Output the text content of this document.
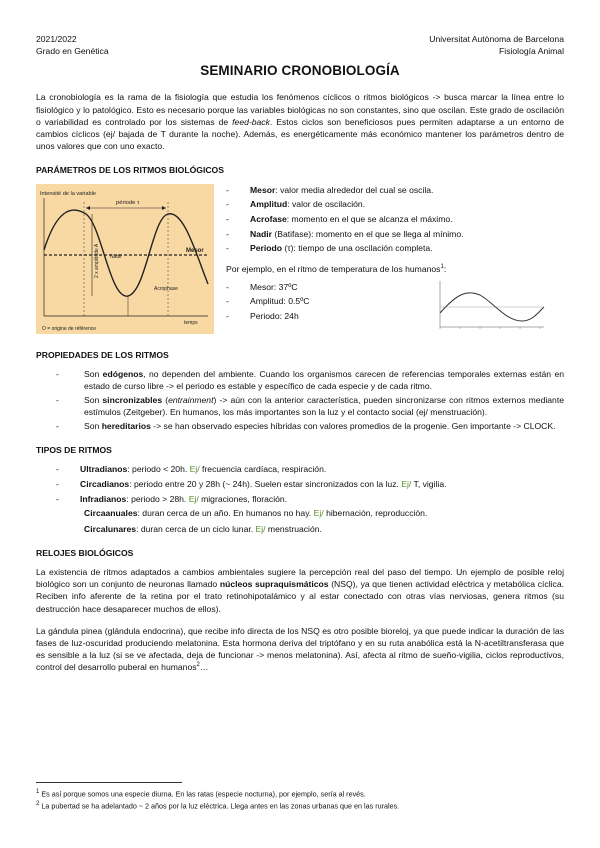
2021/2022
Grado en Genética
Universitat Autònoma de Barcelona
Fisiología Animal
SEMINARIO CRONOBIOLOGÍA

La cronobiología es la rama de la fisiología que estudia los fenómenos cíclicos o ritmos biológicos -> busca marcar la línea entre lo fisiológico y lo patológico. Esto es necesario porque las variables biológicas no son constantes, sino que oscilan. Este grado de oscilación o variabilidad es controlado por los sistemas de feed-back. Estos ciclos son beneficiosos pues permiten adaptarse a un entorno de cambios cíclicos (ej/ bajada de T durante la noche). Además, es energéticamente más económico mantener los parámetros dentro de unos valores que con uno exacto.

PARÁMETROS DE LOS RITMOS BIOLÓGICOS
Intensité de la variable
période τ
2 x amplitude A Nadir
Acrophase
Mesor
temps
O = origine de référence
-	Mesor: valor media alrededor del cual se oscila.
-	Amplitud: valor de oscilación.
-	Acrofase: momento en el que se alcanza el máximo.
-	Nadir (Batifase): momento en el que se llega al mínimo.
-	Periodo (τ): tiempo de una oscilación completa.

Por ejemplo, en el ritmo de temperatura de los humanos$^1$:

-	Mesor: 37ºC
-	Amplitud: 0.5ºC
-	Periodo: 24h
PROPIEDADES DE LOS RITMOS
-	Son edógenos, no dependen del ambiente. Cuando los organismos carecen de referencias temporales externas están en estado de curso libre -> el periodo es estable y específico de cada especie y de cada ritmo.
-	Son sincronizables (entrainment) -> aún con la anterior característica, pueden sincronizarse con ritmos externos mediante estímulos (Zeitgeber). En humanos, los más importantes son la luz y el contacto social (ej/ menstruación).
-	Son hereditarios -> se han observado especies híbridas con valores promedios de la progenie. Gen importante -> CLOCK.
TIPOS DE RITMOS
-	Ultradianos: periodo < 20h. Ej/ frecuencia cardíaca, respiración.
-	Circadianos: periodo entre 20 y 28h (~ 24h). Suelen estar sincronizados con la luz. Ej/ T, vigilia.
-	Infradianos: periodo > 28h. Ej/ migraciones, floración.
Circaanuales: duran cerca de un año. En humanos no hay. Ej/ hibernación, reproducción.
Circalunares: duran cerca de un ciclo lunar. Ej/ menstruación.
RELOJES BIOLÓGICOS

La existencia de ritmos adaptados a cambios ambientales sugiere la percepción real del paso del tiempo. Un ejemplo de posible reloj biológico son un conjunto de neuronas llamado núcleos supraquismáticos (NSQ), ya que tienen actividad eléctrica y metabólica cíclica. Reciben info aferente de la retina por el trato retinohipotalámico y al estar conectado con otras vías nerviosas, genera ritmos (su destrucción hace desaparecer muchos de ellos).

La gándula pinea (glándula endocrina), que recibe info directa de los NSQ es otro posible bioreloj, ya que puede indicar la duración de las fases de luz-oscuridad produciendo melatonina. Esta hormona deriva del triptófano y en su ruta anabólica está la N-acetiltransferasa que es sensible a la luz (si se ve afectada, deja de funcionar -> menos melatonina). Así, afecta al ritmo de sueño-vigilia, ciclos reproductivos, control del desarrollo puberal en humanos$^2$…

$^1$ Es así porque somos una especie diurna. En las ratas (especie nocturna), por ejemplo, sería al revés.
$^2$ La pubertad se ha adelantado ~ 2 años por la luz eléctrica. Llega antes en las zonas urbanas que en las rurales.
